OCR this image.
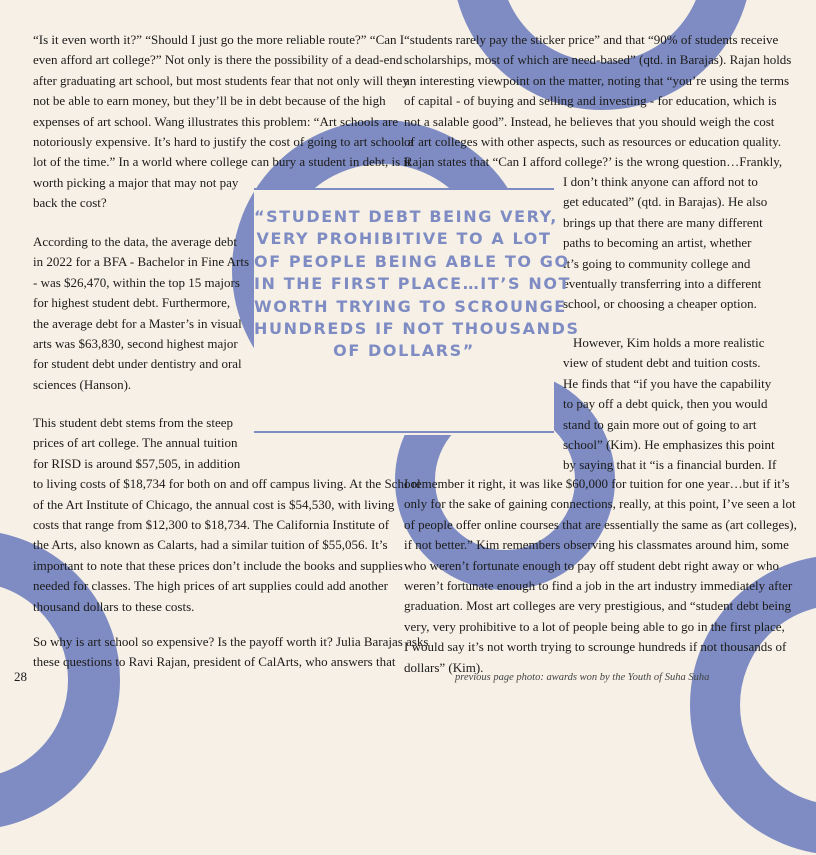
“Is it even worth it?” “Should I just go the more reliable route?” “Can I
even afford art college?” Not only is there the possibility of a dead-end
after graduating art school, but most students fear that not only will they
not be able to earn money, but they’ll be in debt because of the high
expenses of art school. Wang illustrates this problem: “Art schools are
notoriously expensive. It’s hard to justify the cost of going to art school a
lot of the time.” In a world where college can bury a student in debt, is it
worth picking a major that may not pay
back the cost?

According to the data, the average debt
in 2022 for a BFA - Bachelor in Fine Arts
- was $26,470, within the top 15 majors
for highest student debt. Furthermore,
the average debt for a Master’s in visual
arts was $63,830, second highest major
for student debt under dentistry and oral
sciences (Hanson).

This student debt stems from the steep
prices of art college. The annual tuition
for RISD is around $57,505, in addition
to living costs of $18,734 for both on and off campus living. At the School
of the Art Institute of Chicago, the annual cost is $54,530, with living
costs that range from $12,300 to $18,734. The California Institute of
the Arts, also known as Calarts, had a similar tuition of $55,056. It’s
important to note that these prices don’t include the books and supplies
needed for classes. The high prices of art supplies could add another
thousand dollars to these costs.

So why is art school so expensive? Is the payoff worth it? Julia Barajas asks
these questions to Ravi Rajan, president of CalArts, who answers that

“students rarely pay the sticker price” and that “90% of students receive
scholarships, most of which are need-based” (qtd. in Barajas). Rajan holds
an interesting viewpoint on the matter, noting that “you’re using the terms
of capital - of buying and selling and investing - for education, which is
not a salable good”. Instead, he believes that you should weigh the cost
of art colleges with other aspects, such as resources or education quality.
Rajan states that “Can I afford college?’ is the wrong question…Frankly,

I don’t think anyone can afford not to
get educated” (qtd. in Barajas). He also
brings up that there are many different
paths to becoming an artist, whether
it’s going to community college and
eventually transferring into a different
school, or choosing a cheaper option.

However, Kim holds a more realistic
view of student debt and tuition costs.
He finds that “if you have the capability
to pay off a debt quick, then you would
stand to gain more out of going to art
school” (Kim). He emphasizes this point
by saying that it “is a financial burden. If

I remember it right, it was like $60,000 for tuition for one year…but if it’s
only for the sake of gaining connections, really, at this point, I’ve seen a lot
of people offer online courses that are essentially the same as (art colleges),
if not better.” Kim remembers observing his classmates around him, some
who weren’t fortunate enough to pay off student debt right away or who
weren’t fortunate enough to find a job in the art industry immediately after
graduation. Most art colleges are very prestigious, and “student debt being
very, very prohibitive to a lot of people being able to go in the first place,
I would say it’s not worth trying to scrounge hundreds if not thousands of
dollars” (Kim).

“STUDENT DEBT BEING VERY,
VERY PROHIBITIVE TO A LOT
OF PEOPLE BEING ABLE TO GO
IN THE FIRST PLACE…IT’S NOT
WORTH TRYING TO SCROUNGE
HUNDREDS IF NOT THOUSANDS
OF DOLLARS”

28	previous page photo: awards won by the Youth of Suha Suha
